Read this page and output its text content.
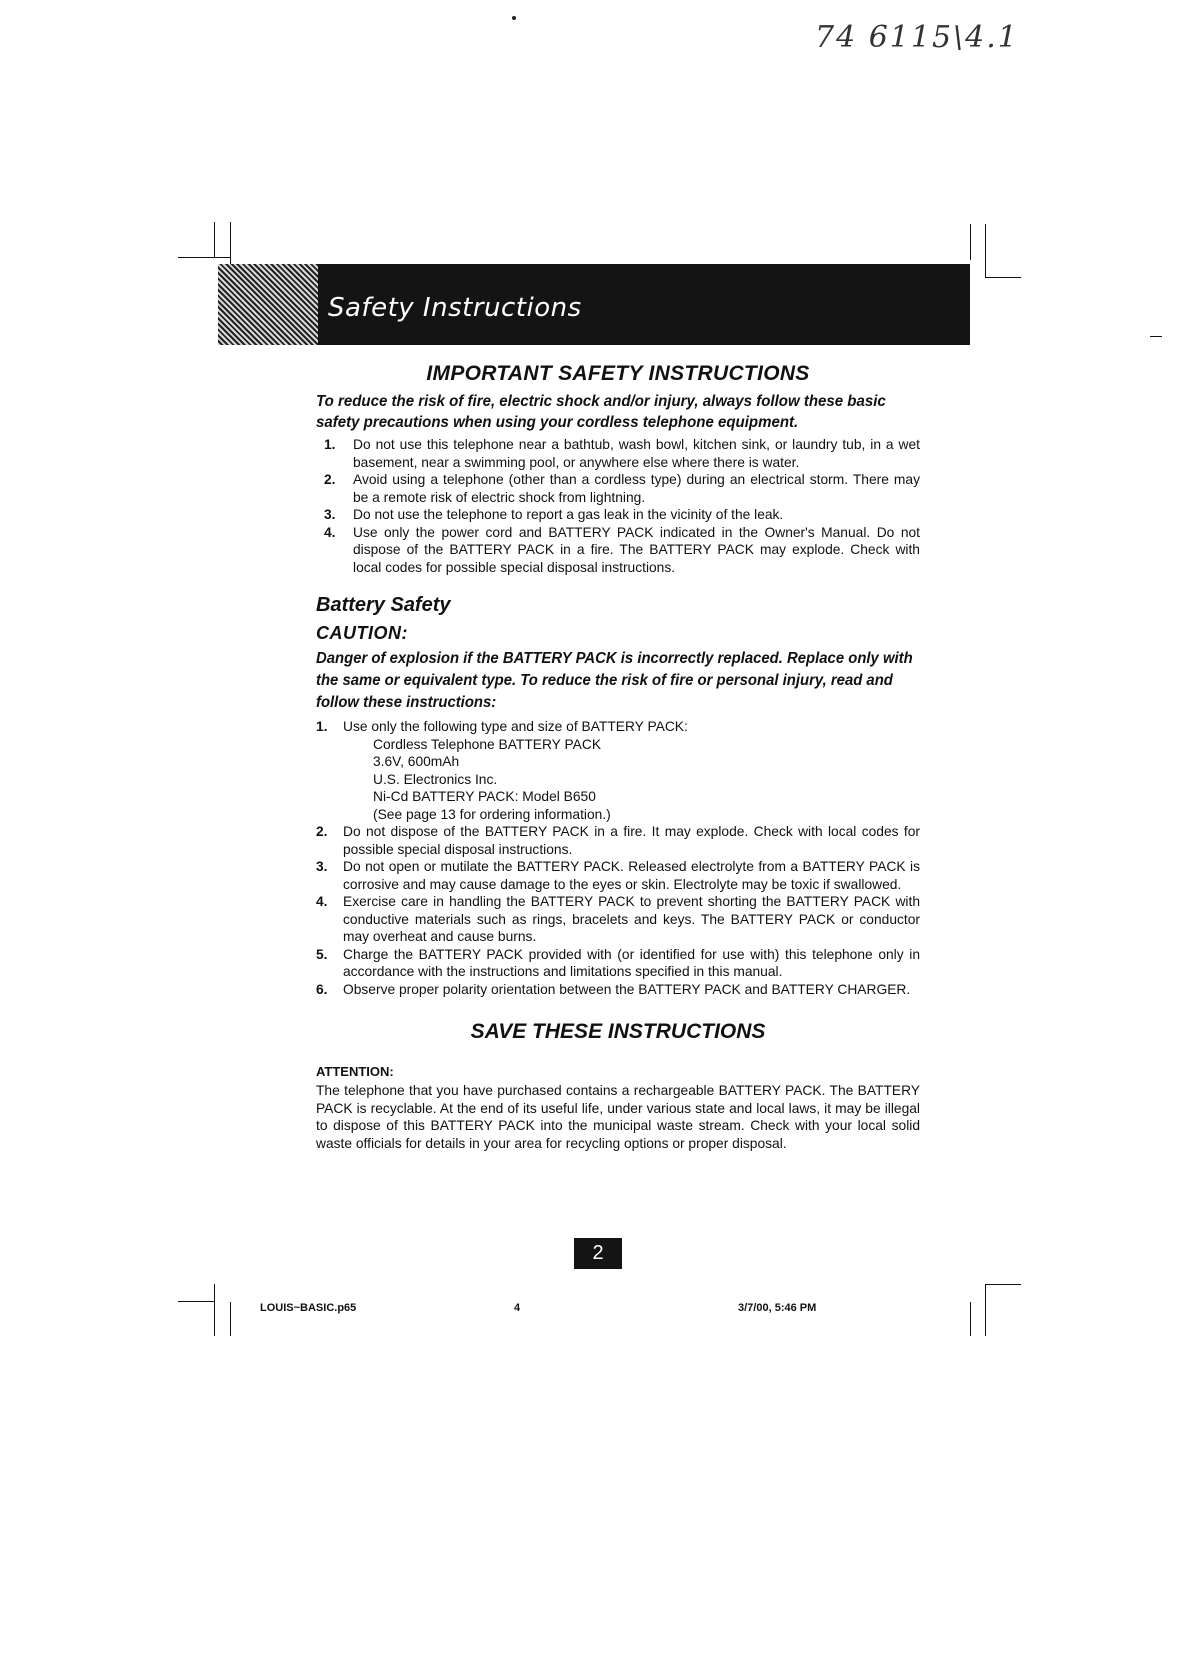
74 6115\4.1
Safety Instructions
IMPORTANT SAFETY INSTRUCTIONS
To reduce the risk of fire, electric shock and/or injury, always follow these basic safety precautions when using your cordless telephone equipment.
1. Do not use this telephone near a bathtub, wash bowl, kitchen sink, or laundry tub, in a wet basement, near a swimming pool, or anywhere else where there is water.
2. Avoid using a telephone (other than a cordless type) during an electrical storm. There may be a remote risk of electric shock from lightning.
3. Do not use the telephone to report a gas leak in the vicinity of the leak.
4. Use only the power cord and BATTERY PACK indicated in the Owner's Manual. Do not dispose of the BATTERY PACK in a fire. The BATTERY PACK may explode. Check with local codes for possible special disposal instructions.
Battery Safety
CAUTION:
Danger of explosion if the BATTERY PACK is incorrectly replaced. Replace only with the same or equivalent type. To reduce the risk of fire or personal injury, read and follow these instructions:
1. Use only the following type and size of BATTERY PACK:
Cordless Telephone BATTERY PACK
3.6V, 600mAh
U.S. Electronics Inc.
Ni-Cd BATTERY PACK: Model B650
(See page 13 for ordering information.)
2. Do not dispose of the BATTERY PACK in a fire. It may explode. Check with local codes for possible special disposal instructions.
3. Do not open or mutilate the BATTERY PACK. Released electrolyte from a BATTERY PACK is corrosive and may cause damage to the eyes or skin. Electrolyte may be toxic if swallowed.
4. Exercise care in handling the BATTERY PACK to prevent shorting the BATTERY PACK with conductive materials such as rings, bracelets and keys. The BATTERY PACK or conductor may overheat and cause burns.
5. Charge the BATTERY PACK provided with (or identified for use with) this telephone only in accordance with the instructions and limitations specified in this manual.
6. Observe proper polarity orientation between the BATTERY PACK and BATTERY CHARGER.
SAVE THESE INSTRUCTIONS
ATTENTION:

The telephone that you have purchased contains a rechargeable BATTERY PACK. The BATTERY PACK is recyclable. At the end of its useful life, under various state and local laws, it may be illegal to dispose of this BATTERY PACK into the municipal waste stream. Check with your local solid waste officials for details in your area for recycling options or proper disposal.

2
LOUIS~BASIC.p65	4	3/7/00, 5:46 PM
